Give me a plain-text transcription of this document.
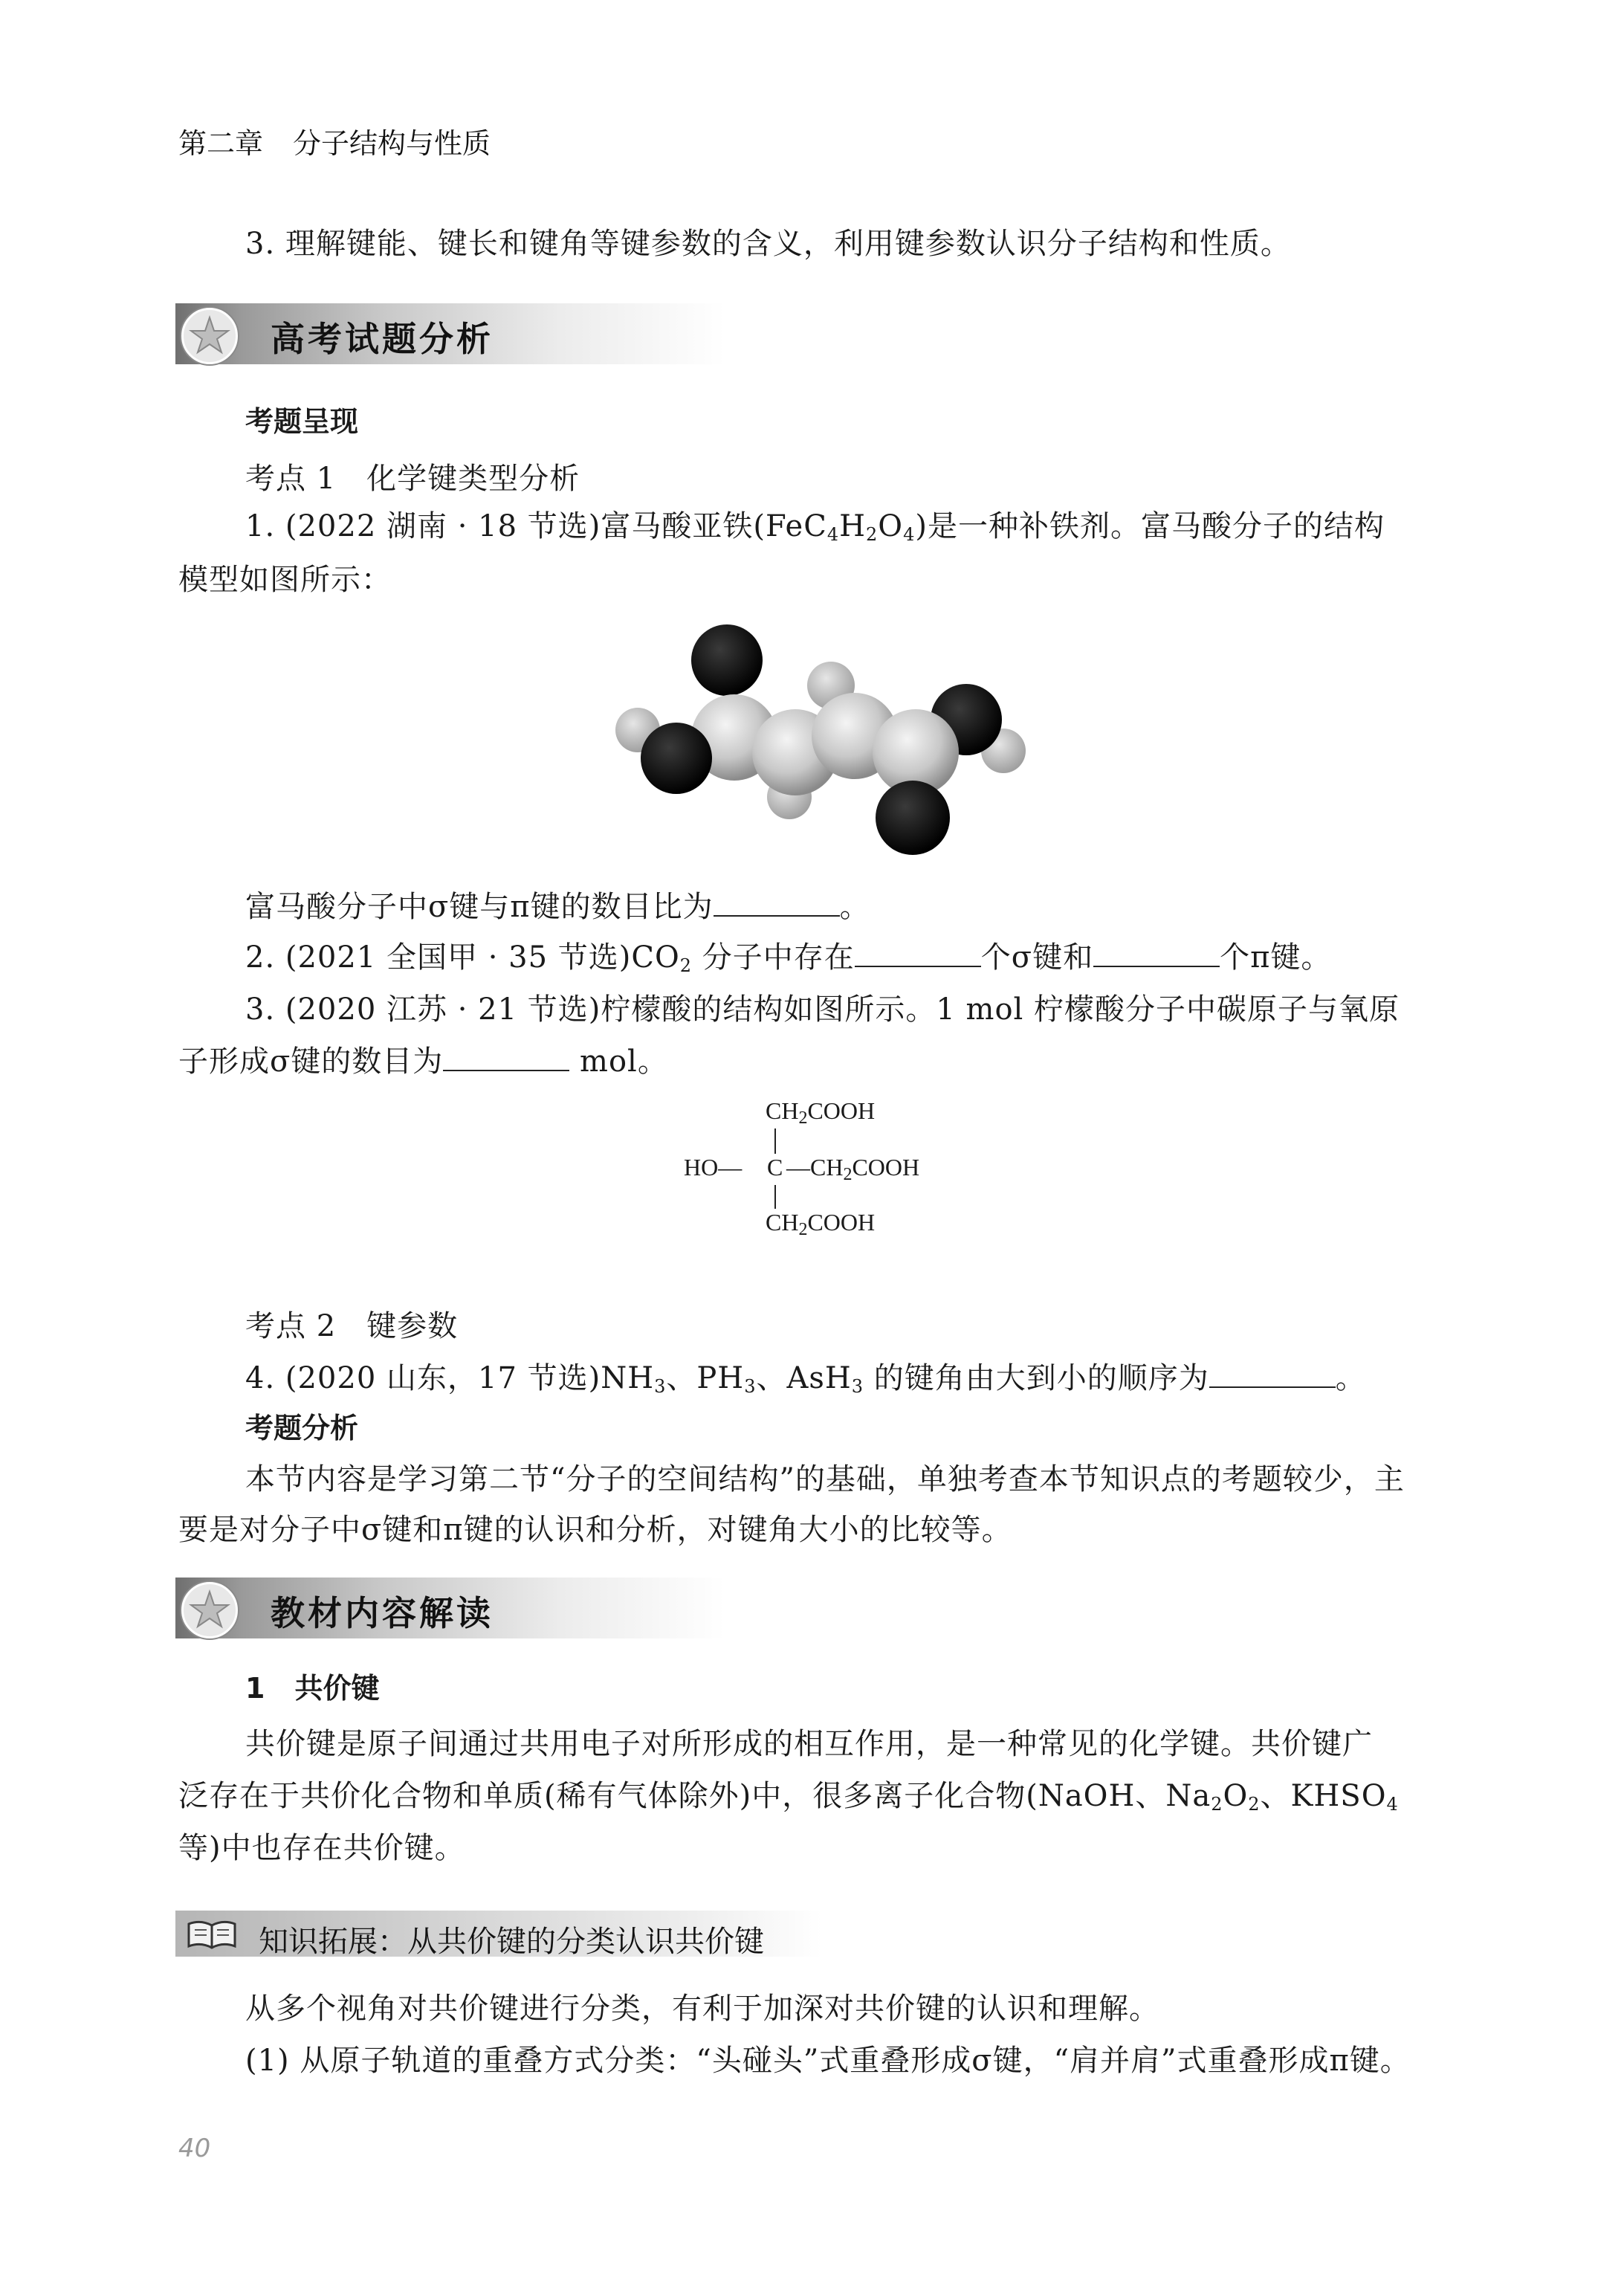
第二章 分子结构与性质
3. 理解键能、键长和键角等键参数的含义，利用键参数认识分子结构和性质。
高考试题分析
考题呈现
考点 1　化学键类型分析
1. (2022 湖南 · 18 节选)富马酸亚铁$(FeC_4H_2O_4)$是一种补铁剂。富马酸分子的结构
模型如图所示：
富马酸分子中σ键与π键的数目比为	。
2. (2021 全国甲 · 35 节选)$CO_2$ 分子中存在	个σ键和	个π键。
3. (2020 江苏 · 21 节选)柠檬酸的结构如图所示。1 mol 柠檬酸分子中碳原子与氧原
子形成σ键的数目为	mol。
$CH_2COOH$
HO— C $—CH_2COOH$
$CH_2COOH$
考点 2　键参数
4. (2020 山东，17 节选)$NH_3$、$PH_3$、AsH$_3$ 的键角由大到小的顺序为	。
考题分析
本节内容是学习第二节“分子的空间结构”的基础，单独考查本节知识点的考题较少，主
要是对分子中σ键和π键的认识和分析，对键角大小的比较等。
教材内容解读
1 共价键
共价键是原子间通过共用电子对所形成的相互作用，是一种常见的化学键。共价键广
泛存在于共价化合物和单质(稀有气体除外)中，很多离子化合物(NaOH、$Na_2O_2$、$KHSO_4$
等)中也存在共价键。
知识拓展：从共价键的分类认识共价键
从多个视角对共价键进行分类，有利于加深对共价键的认识和理解。
(1) 从原子轨道的重叠方式分类：“头碰头”式重叠形成σ键，“肩并肩”式重叠形成π键。
40
